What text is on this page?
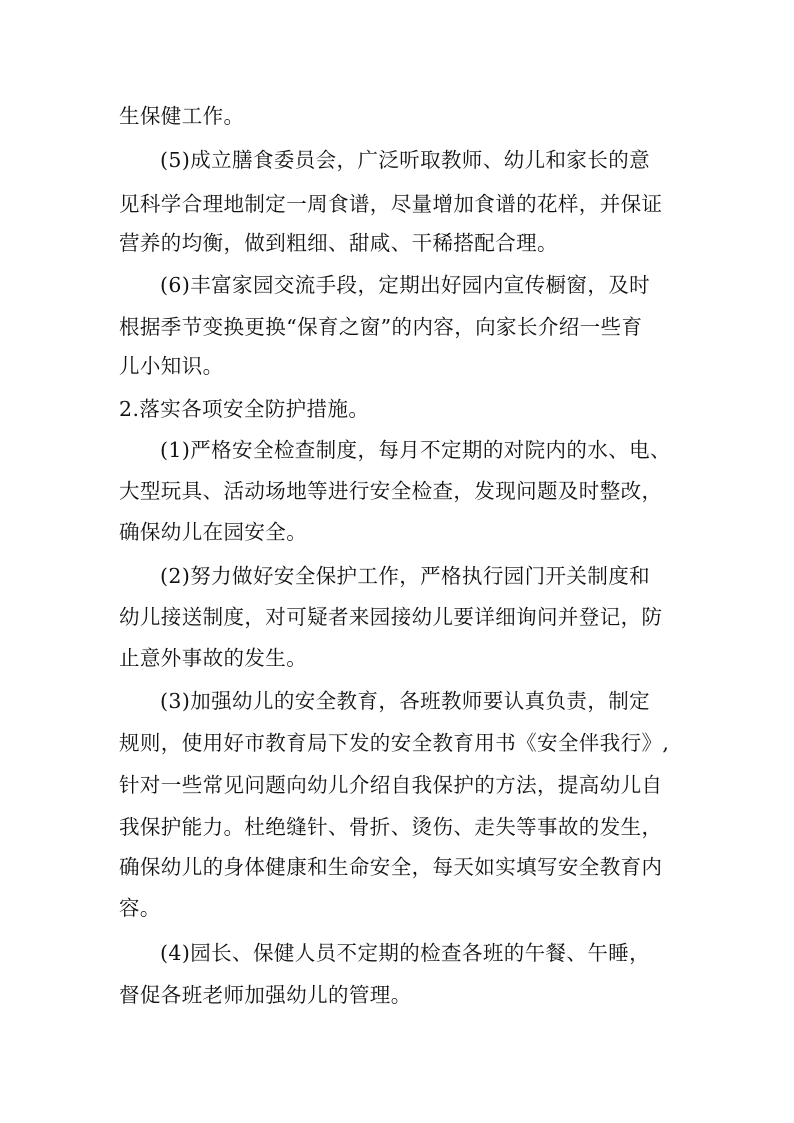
生保健工作。
(5)成立膳食委员会，广泛听取教师、幼儿和家长的意
见科学合理地制定一周食谱，尽量增加食谱的花样，并保证
营养的均衡，做到粗细、甜咸、干稀搭配合理。
(6)丰富家园交流手段，定期出好园内宣传橱窗，及时
根据季节变换更换“保育之窗”的内容，向家长介绍一些育
儿小知识。
2.落实各项安全防护措施。
(1)严格安全检查制度，每月不定期的对院内的水、电、
大型玩具、活动场地等进行安全检查，发现问题及时整改，
确保幼儿在园安全。
(2)努力做好安全保护工作，严格执行园门开关制度和
幼儿接送制度，对可疑者来园接幼儿要详细询问并登记，防
止意外事故的发生。
(3)加强幼儿的安全教育，各班教师要认真负责，制定
规则，使用好市教育局下发的安全教育用书《安全伴我行》,
针对一些常见问题向幼儿介绍自我保护的方法，提高幼儿自
我保护能力。杜绝缝针、骨折、烫伤、走失等事故的发生，
确保幼儿的身体健康和生命安全，每天如实填写安全教育内
容。
(4)园长、保健人员不定期的检查各班的午餐、午睡，
督促各班老师加强幼儿的管理。
